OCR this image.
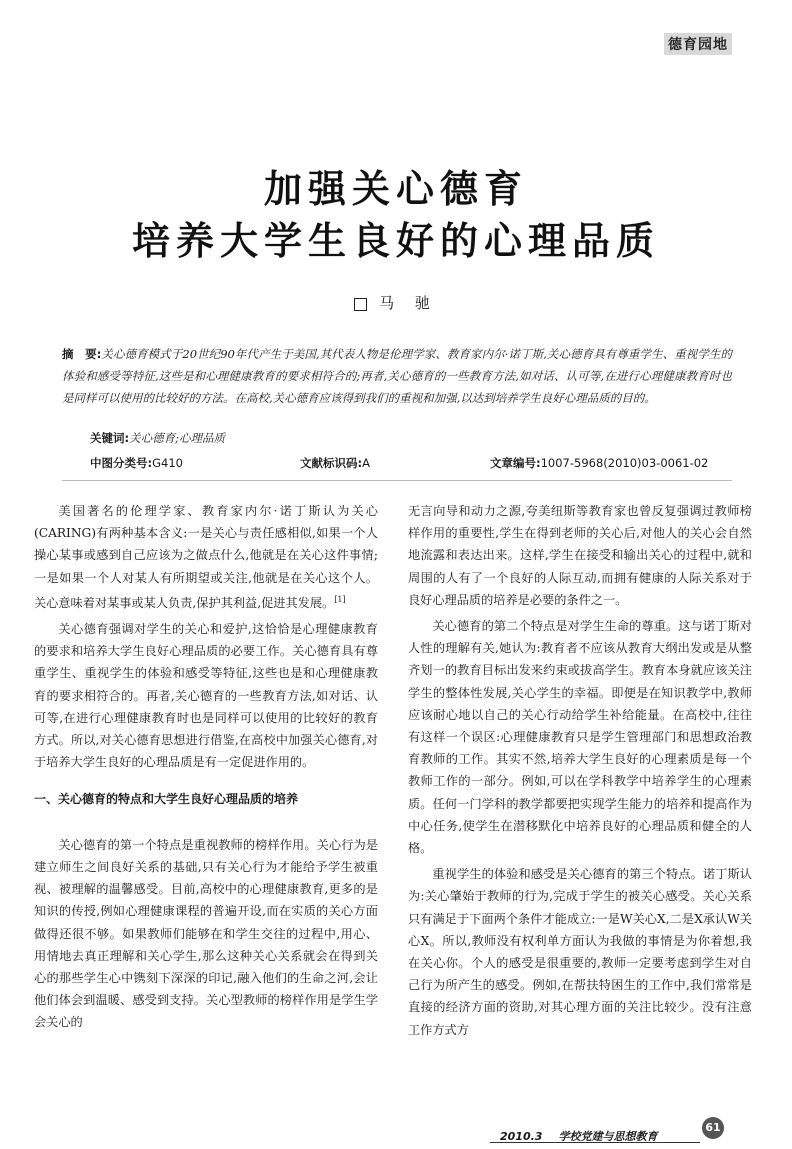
德育园地
加强关心德育
培养大学生良好的心理品质
马 驰
摘　要:关心德育模式于20世纪90年代产生于美国,其代表人物是伦理学家、教育家内尔·诺丁斯,关心德育具有尊重学生、重视学生的体验和感受等特征,这些是和心理健康教育的要求相符合的;再者,关心德育的一些教育方法,如对话、认可等,在进行心理健康教育时也是同样可以使用的比较好的方法。在高校,关心德育应该得到我们的重视和加强,以达到培养学生良好心理品质的目的。
关键词:关心德育;心理品质
中图分类号:G410	文献标识码:A	文章编号:1007-5968(2010)03-0061-02

美国著名的伦理学家、教育家内尔·诺丁斯认为关心(CARING)有两种基本含义:一是关心与责任感相似,如果一个人操心某事或感到自己应该为之做点什么,他就是在关心这件事情;一是如果一个人对某人有所期望或关注,他就是在关心这个人。关心意味着对某事或某人负责,保护其利益,促进其发展。[1]

关心德育强调对学生的关心和爱护,这恰恰是心理健康教育的要求和培养大学生良好心理品质的必要工作。关心德育具有尊重学生、重视学生的体验和感受等特征,这些也是和心理健康教育的要求相符合的。再者,关心德育的一些教育方法,如对话、认可等,在进行心理健康教育时也是同样可以使用的比较好的教育方式。所以,对关心德育思想进行借鉴,在高校中加强关心德育,对于培养大学生良好的心理品质是有一定促进作用的。

一、关心德育的特点和大学生良好心理品质的培养

关心德育的第一个特点是重视教师的榜样作用。关心行为是建立师生之间良好关系的基础,只有关心行为才能给予学生被重视、被理解的温馨感受。目前,高校中的心理健康教育,更多的是知识的传授,例如心理健康课程的普遍开设,而在实质的关心方面做得还很不够。如果教师们能够在和学生交往的过程中,用心、用情地去真正理解和关心学生,那么这种关心关系就会在得到关心的那些学生心中镌刻下深深的印记,融入他们的生命之河,会让他们体会到温暖、感受到支持。关心型教师的榜样作用是学生学会关心的

无言向导和动力之源,夸美纽斯等教育家也曾反复强调过教师榜样作用的重要性,学生在得到老师的关心后,对他人的关心会自然地流露和表达出来。这样,学生在接受和输出关心的过程中,就和周围的人有了一个良好的人际互动,而拥有健康的人际关系对于良好心理品质的培养是必要的条件之一。

关心德育的第二个特点是对学生生命的尊重。这与诺丁斯对人性的理解有关,她认为:教育者不应该从教育大纲出发或是从整齐划一的教育目标出发来约束或拔高学生。教育本身就应该关注学生的整体性发展,关心学生的幸福。即便是在知识教学中,教师应该耐心地以自己的关心行动给学生补给能量。在高校中,往往有这样一个误区:心理健康教育只是学生管理部门和思想政治教育教师的工作。其实不然,培养大学生良好的心理素质是每一个教师工作的一部分。例如,可以在学科教学中培养学生的心理素质。任何一门学科的教学都要把实现学生能力的培养和提高作为中心任务,使学生在潜移默化中培养良好的心理品质和健全的人格。

重视学生的体验和感受是关心德育的第三个特点。诺丁斯认为:关心肇始于教师的行为,完成于学生的被关心感受。关心关系只有满足于下面两个条件才能成立:一是W关心X,二是X承认W关心X。所以,教师没有权利单方面认为我做的事情是为你着想,我在关心你。个人的感受是很重要的,教师一定要考虑到学生对自己行为所产生的感受。例如,在帮扶特困生的工作中,我们常常是直接的经济方面的资助,对其心理方面的关注比较少。没有注意工作方式方

2010.3 学校党建与思想教育
61
